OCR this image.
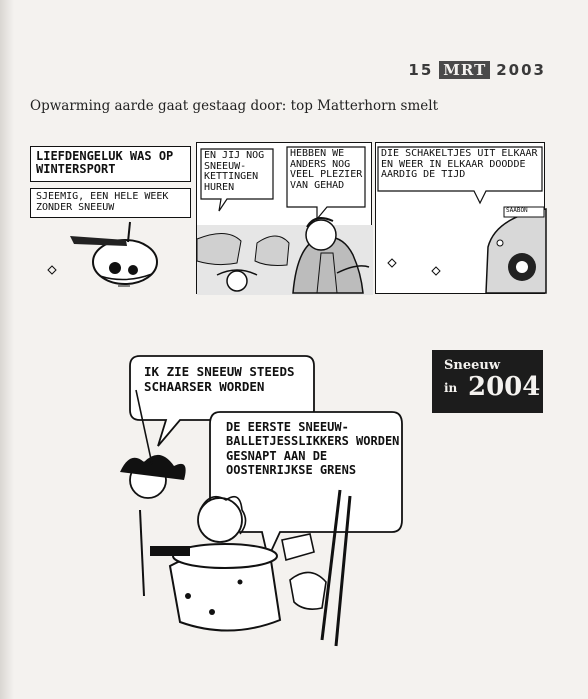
15 MRT 2003
Opwarming aarde gaat gestaag door: top Matterhorn smelt
LIEFDENGELUK WAS OP WINTERSPORT
SJEEMIG, EEN HELE WEEK ZONDER SNEEUW
EN JIJ NOG SNEEUW-KETTINGEN HUREN
HEBBEN WE ANDERS NOG VEEL PLEZIER VAN GEHAD
DIE SCHAKELTJES UIT ELKAAR EN WEER IN ELKAAR DOODDE AARDIG DE TIJD
SAABON
Sneeuw
in 2004
IK ZIE SNEEUW STEEDS SCHAARSER WORDEN
DE EERSTE SNEEUW-BALLETJESSLIKKERS WORDEN GESNAPT AAN DE OOSTENRIJKSE GRENS
